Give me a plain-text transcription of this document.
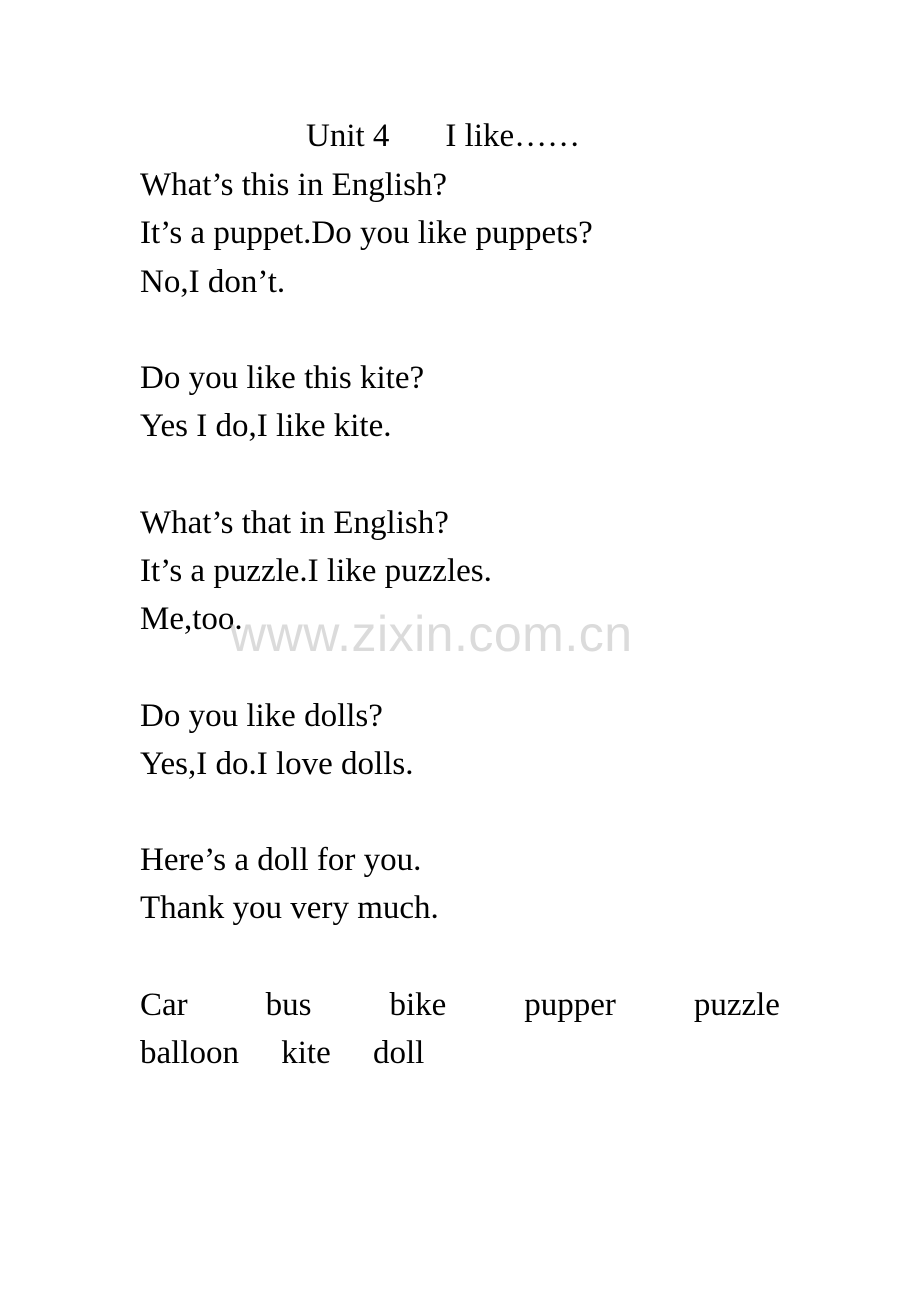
Unit 4 I like……
What’s this in English?
It’s a puppet.Do you like puppets?
No,I don’t.
Do you like this kite?
Yes I do,I like kite.
What’s that in English?
It’s a puzzle.I like puzzles.
Me,too.
Do you like dolls?
Yes,I do.I love dolls.
Here’s a doll for you.
Thank you very much.
Car bus bike pupper puzzle
balloon kite doll
www.zixin.com.cn
